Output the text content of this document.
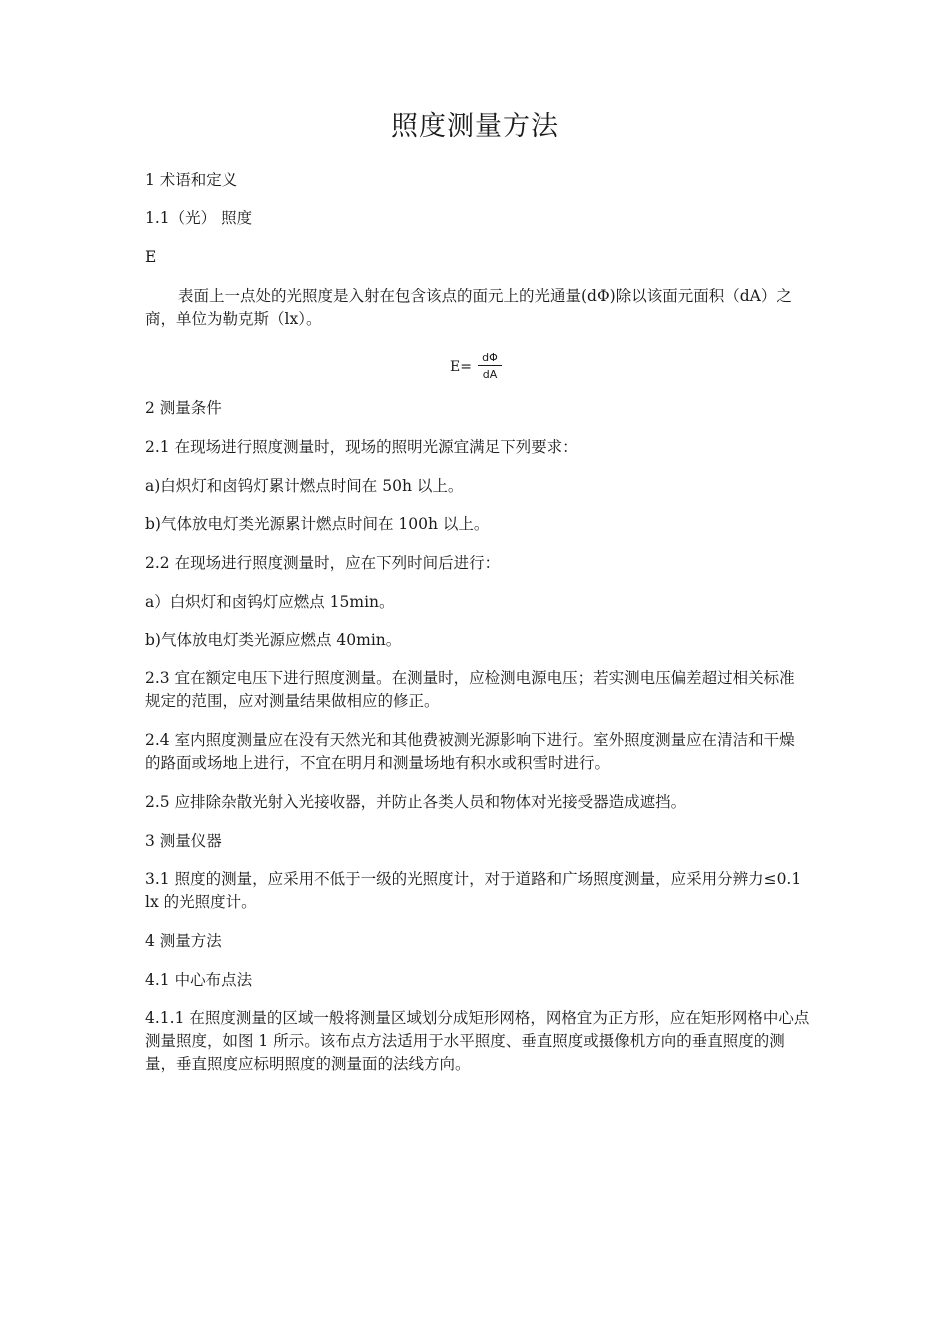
照度测量方法
1 术语和定义
1.1（光） 照度
E
表面上一点处的光照度是入射在包含该点的面元上的光通量(dΦ)除以该面元面积（dA）之商，单位为勒克斯（lx）。
$E= \frac{d\Phi}{dA}$
2 测量条件
2.1 在现场进行照度测量时，现场的照明光源宜满足下列要求：
a)白炽灯和卤钨灯累计燃点时间在 50h 以上。
b)气体放电灯类光源累计燃点时间在 100h 以上。
2.2 在现场进行照度测量时，应在下列时间后进行：
a）白炽灯和卤钨灯应燃点 15min。
b)气体放电灯类光源应燃点 40min。
2.3 宜在额定电压下进行照度测量。在测量时，应检测电源电压；若实测电压偏差超过相关标准规定的范围，应对测量结果做相应的修正。
2.4 室内照度测量应在没有天然光和其他费被测光源影响下进行。室外照度测量应在清洁和干燥的路面或场地上进行，不宜在明月和测量场地有积水或积雪时进行。
2.5 应排除杂散光射入光接收器，并防止各类人员和物体对光接受器造成遮挡。
3 测量仪器
3.1 照度的测量，应采用不低于一级的光照度计，对于道路和广场照度测量，应采用分辨力≤0.1 lx 的光照度计。
4 测量方法
4.1 中心布点法
4.1.1 在照度测量的区域一般将测量区域划分成矩形网格，网格宜为正方形，应在矩形网格中心点测量照度，如图 1 所示。该布点方法适用于水平照度、垂直照度或摄像机方向的垂直照度的测量，垂直照度应标明照度的测量面的法线方向。
